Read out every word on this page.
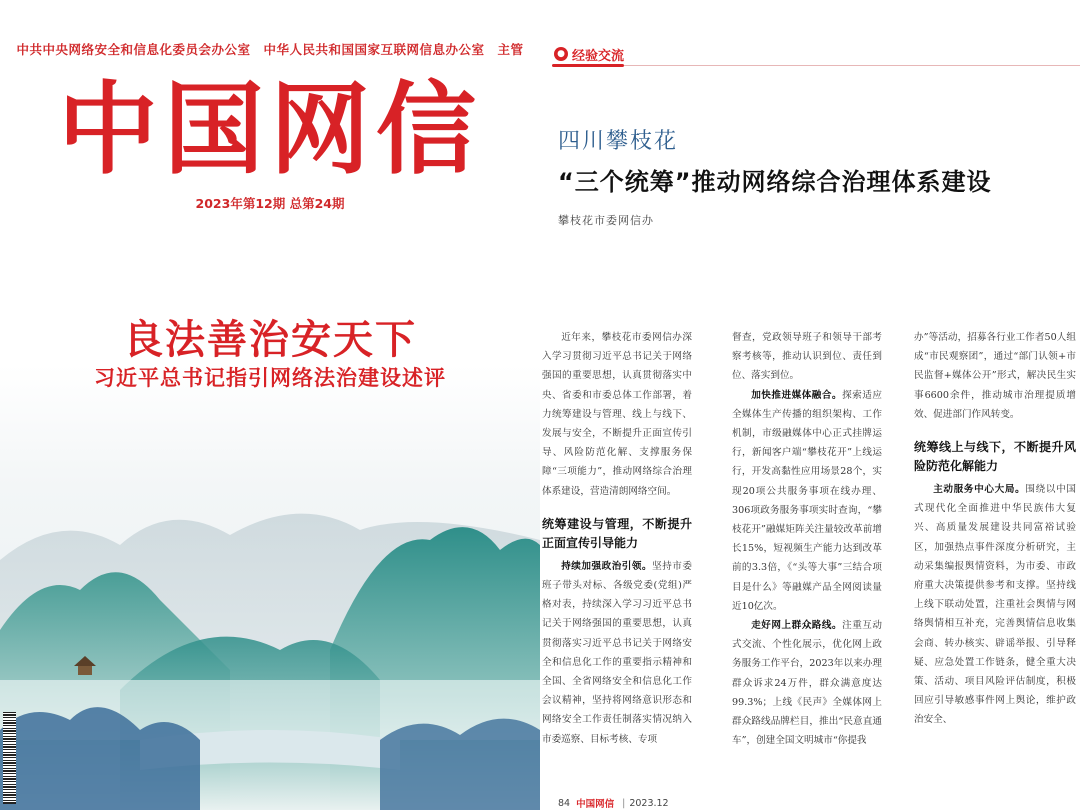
中共中央网络安全和信息化委员会办公室　中华人民共和国国家互联网信息办公室　主管
中国网信
2023年第12期 总第24期
良法善治安天下
习近平总书记指引网络法治建设述评
● 经验交流
四川攀枝花
“三个统筹”推动网络综合治理体系建设
攀枝花市委网信办

近年来，攀枝花市委网信办深入学习贯彻习近平总书记关于网络强国的重要思想，认真贯彻落实中央、省委和市委总体工作部署，着力统筹建设与管理、线上与线下、发展与安全，不断提升正面宣传引导、风险防范化解、支撑服务保障“三项能力”，推动网络综合治理体系建设，营造清朗网络空间。

统筹建设与管理，不断提升正面宣传引导能力

持续加强政治引领。坚持市委班子带头对标、各级党委(党组)严格对表，持续深入学习习近平总书记关于网络强国的重要思想，认真贯彻落实习近平总书记关于网络安全和信息化工作的重要指示精神和全国、全省网络安全和信息化工作会议精神，坚持将网络意识形态和网络安全工作责任制落实情况纳入市委巡察、目标考核、专项

督查，党政领导班子和领导干部考察考核等，推动认识到位、责任到位、落实到位。

加快推进媒体融合。探索适应全媒体生产传播的组织架构、工作机制，市级融媒体中心正式挂牌运行，新闻客户端“攀枝花开”上线运行，开发高黏性应用场景28个，实现20项公共服务事项在线办理、306项政务服务事项实时查询，“攀枝花开”融媒矩阵关注量较改革前增长15%，短视频生产能力达到改革前的3.3倍，《“头等大事”三结合项目是什么》等融媒产品全网阅读量近10亿次。

走好网上群众路线。注重互动式交流、个性化展示，优化网上政务服务工作平台，2023年以来办理群众诉求24万件，群众满意度达99.3%；上线《民声》全媒体网上群众路线品牌栏目，推出“民意直通车”，创建全国文明城市“你提我

办”等活动，招募各行业工作者50人组成“市民观察团”，通过“部门认领+市民监督+媒体公开”形式，解决民生实事6600余件，推动城市治理提质增效、促进部门作风转变。

统筹线上与线下，不断提升风险防范化解能力

主动服务中心大局。围绕以中国式现代化全面推进中华民族伟大复兴、高质量发展建设共同富裕试验区，加强热点事件深度分析研究，主动采集编报舆情资料，为市委、市政府重大决策提供参考和支撑。坚持线上线下联动处置，注重社会舆情与网络舆情相互补充，完善舆情信息收集会商、转办核实、辟谣举报、引导释疑、应急处置工作链条，健全重大决策、活动、项目风险评估制度，积极回应引导敏感事件网上舆论，维护政治安全、

84 中国网信 | 2023.12
